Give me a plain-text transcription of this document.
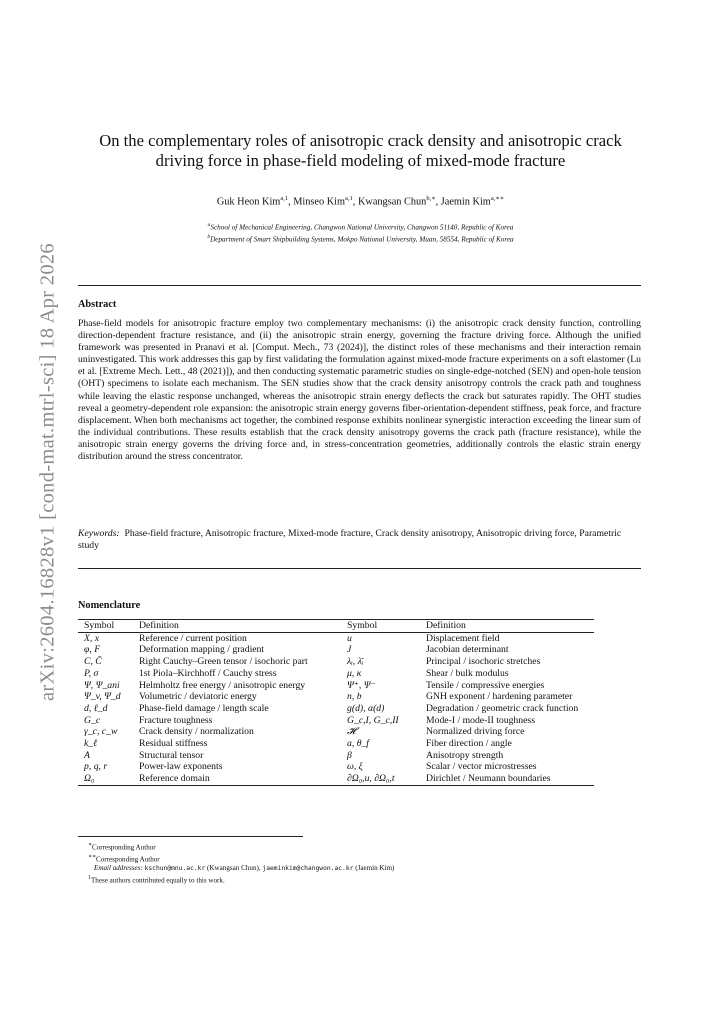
arXiv:2604.16828v1 [cond-mat.mtrl-sci] 18 Apr 2026
On the complementary roles of anisotropic crack density and anisotropic crack driving force in phase-field modeling of mixed-mode fracture
Guk Heon Kim$^{a,1}$, Minseo Kim$^{a,1}$, Kwangsan Chun$^{b,∗}$, Jaemin Kim$^{a,∗∗}$
$^a$School of Mechanical Engineering, Changwon National University, Changwon 51140, Republic of Korea
$^b$Department of Smart Shipbuilding Systems, Mokpo National University, Muan, 58554, Republic of Korea
Abstract
Phase-field models for anisotropic fracture employ two complementary mechanisms: (i) the anisotropic crack density function, controlling direction-dependent fracture resistance, and (ii) the anisotropic strain energy, governing the fracture driving force. Although the unified framework was presented in Pranavi et al. [Comput. Mech., 73 (2024)], the distinct roles of these mechanisms and their interaction remain uninvestigated. This work addresses this gap by first validating the formulation against mixed-mode fracture experiments on a soft elastomer (Lu et al. [Extreme Mech. Lett., 48 (2021)]), and then conducting systematic parametric studies on single-edge-notched (SEN) and open-hole tension (OHT) specimens to isolate each mechanism. The SEN studies show that the crack density anisotropy controls the crack path and toughness while leaving the elastic response unchanged, whereas the anisotropic strain energy deflects the crack but saturates rapidly. The OHT studies reveal a geometry-dependent role expansion: the anisotropic strain energy governs fiber-orientation-dependent stiffness, peak force, and fracture displacement. When both mechanisms act together, the combined response exhibits nonlinear synergistic interaction exceeding the linear sum of the individual contributions. These results establish that the crack density anisotropy governs the crack path (fracture resistance), while the anisotropic strain energy governs the driving force and, in stress-concentration geometries, additionally controls the elastic strain energy distribution around the stress concentrator.
Keywords: Phase-field fracture, Anisotropic fracture, Mixed-mode fracture, Crack density anisotropy, Anisotropic driving force, Parametric study
Nomenclature
Symbol	Definition	Symbol	Definition
X, x	Reference / current position	u	Displacement field
φ, F	Deformation mapping / gradient	J	Jacobian determinant
C, C̄	Right Cauchy–Green tensor / isochoric part	λᵢ, λ̄ᵢ	Principal / isochoric stretches
P, σ	1st Piola–Kirchhoff / Cauchy stress	μ, κ	Shear / bulk modulus
Ψ, Ψ_ani	Helmholtz free energy / anisotropic energy	Ψ⁺, Ψ⁻	Tensile / compressive energies
Ψ_v, Ψ_d	Volumetric / deviatoric energy	n, b	GNH exponent / hardening parameter
d, ℓ_d	Phase-field damage / length scale	g(d), α(d)	Degradation / geometric crack function
G_c	Fracture toughness	G_c,I, G_c,II	Mode-I / mode-II toughness
γ_c, c_w	Crack density / normalization	𝓗	Normalized driving force
k_ℓ	Residual stiffness	a, θ_f	Fiber direction / angle
A	Structural tensor	β	Anisotropy strength
p, q, r	Power-law exponents	ω, ξ	Scalar / vector microstresses
Ω₀	Reference domain	∂Ω₀,u, ∂Ω₀,t	Dirichlet / Neumann boundaries
∗Corresponding Author
∗∗Corresponding Author
Email addresses: kschun@mnu.ac.kr (Kwangsan Chun), jaeminkim@changwon.ac.kr (Jaemin Kim)
$^1$These authors contributed equally to this work.
